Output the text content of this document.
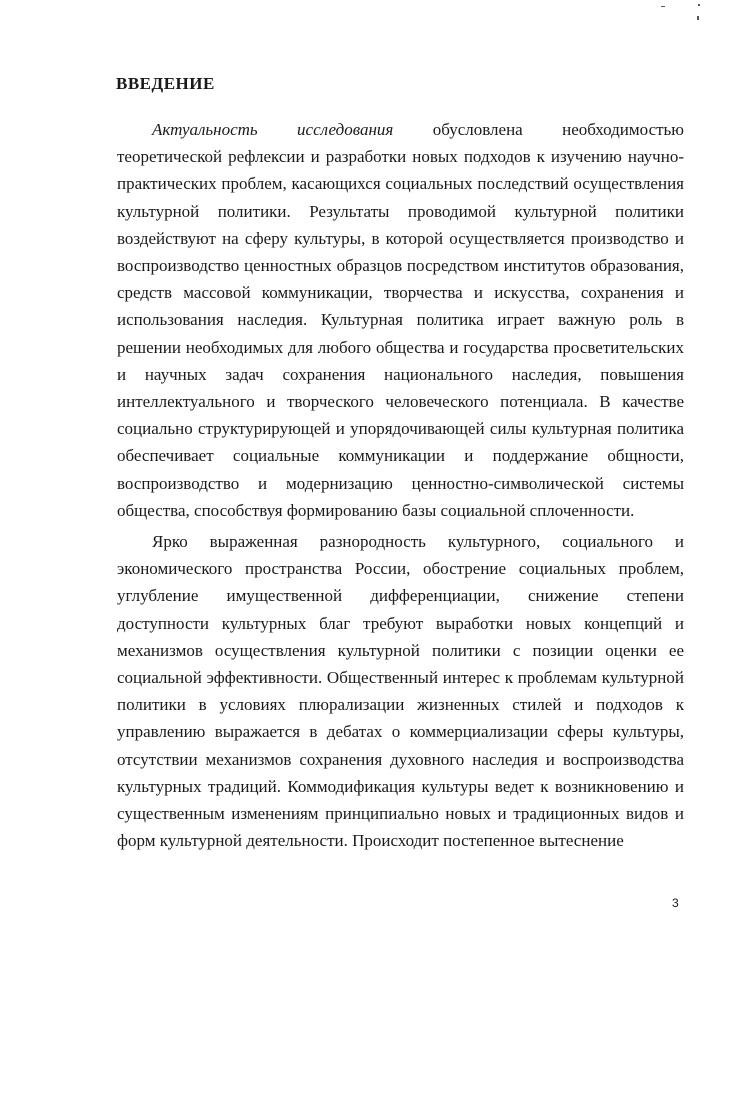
ВВЕДЕНИЕ

Актуальность исследования обусловлена необходимостью теоретической рефлексии и разработки новых подходов к изучению научно-практических проблем, касающихся социальных последствий осуществления культурной политики. Результаты проводимой культурной политики воздействуют на сферу культуры, в которой осуществляется производство и воспроизводство ценностных образцов посредством институтов образования, средств массовой коммуникации, творчества и искусства, сохранения и использования наследия. Культурная политика играет важную роль в решении необходимых для любого общества и государства просветительских и научных задач сохранения национального наследия, повышения интеллектуального и творческого человеческого потенциала. В качестве социально структурирующей и упорядочивающей силы культурная политика обеспечивает социальные коммуникации и поддержание общности, воспроизводство и модернизацию ценностно-символической системы общества, способствуя формированию базы социальной сплоченности.

Ярко выраженная разнородность культурного, социального и экономического пространства России, обострение социальных проблем, углубление имущественной дифференциации, снижение степени доступности культурных благ требуют выработки новых концепций и механизмов осуществления культурной политики с позиции оценки ее социальной эффективности. Общественный интерес к проблемам культурной политики в условиях плюрализации жизненных стилей и подходов к управлению выражается в дебатах о коммерциализации сферы культуры, отсутствии механизмов сохранения духовного наследия и воспроизводства культурных традиций. Коммодификация культуры ведет к возникновению и существенным изменениям принципиально новых и традиционных видов и форм культурной деятельности. Происходит постепенное вытеснение

3
